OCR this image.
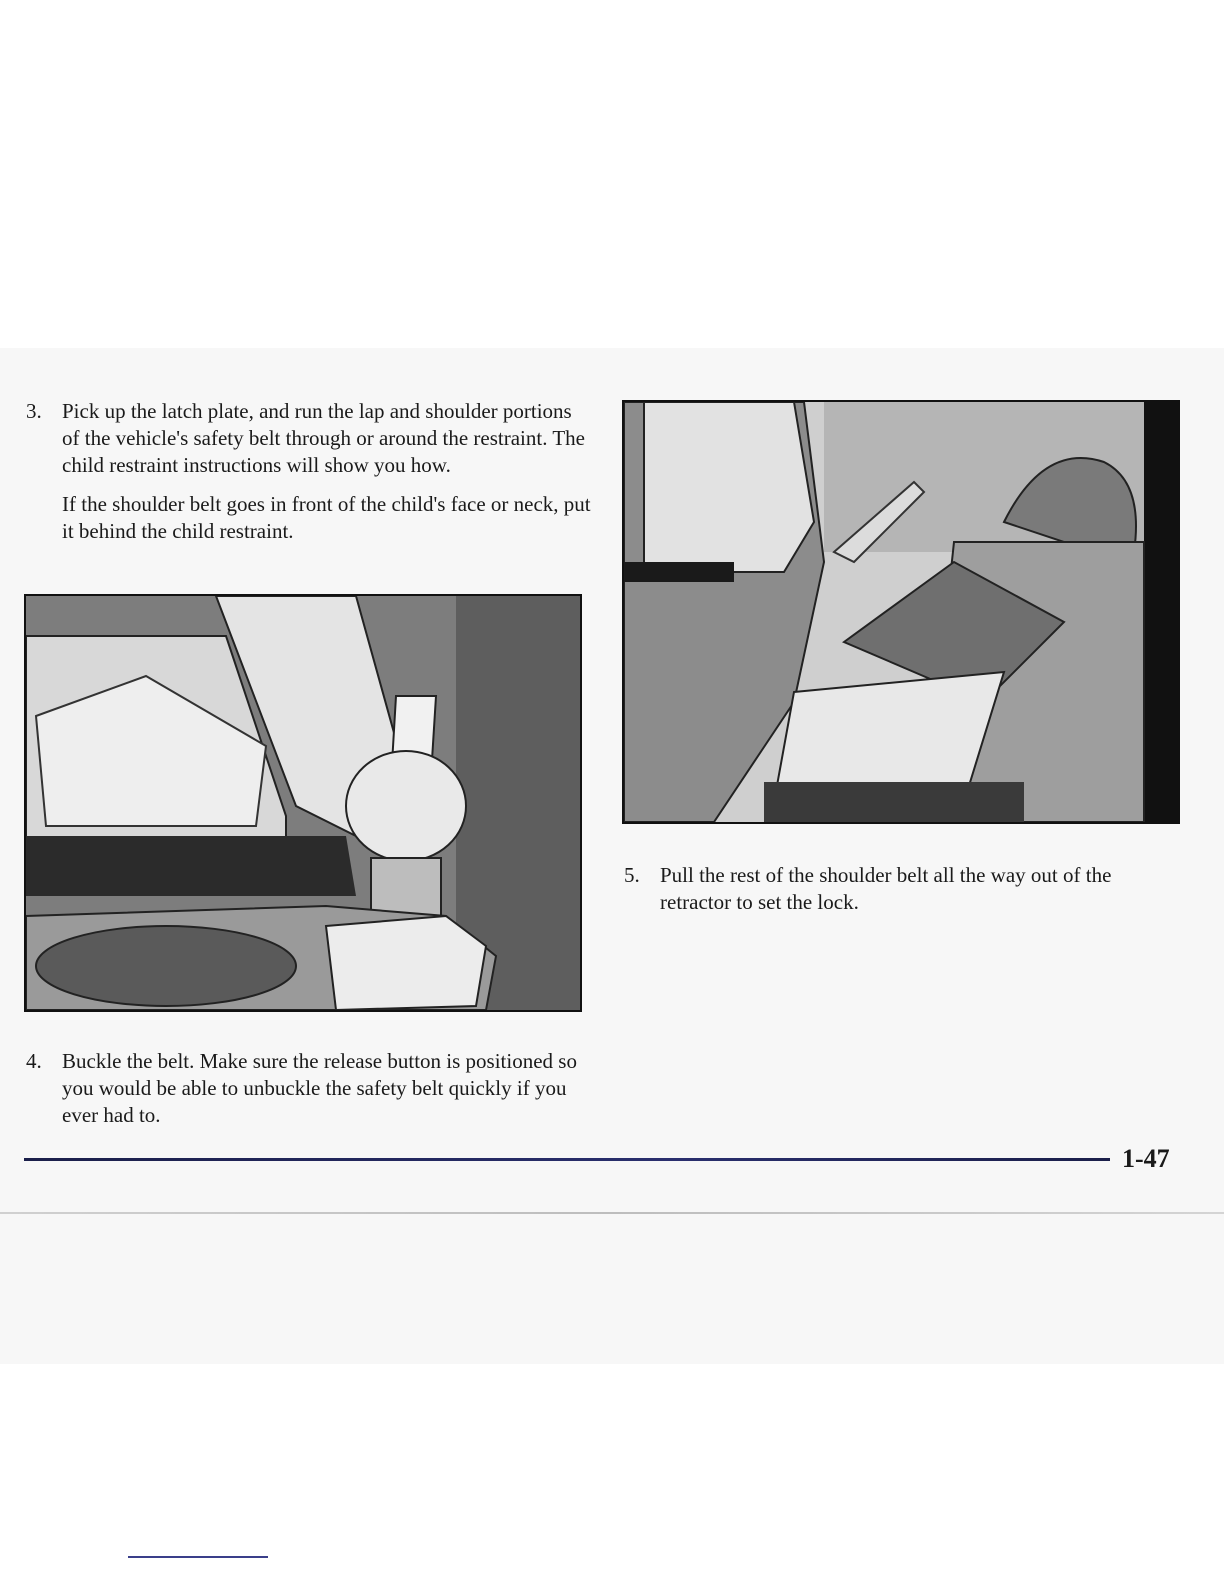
3. Pick up the latch plate, and run the lap and shoulder portions of the vehicle's safety belt through or around the restraint. The child restraint instructions will show you how.

If the shoulder belt goes in front of the child's face or neck, put it behind the child restraint.

4. Buckle the belt. Make sure the release button is positioned so you would be able to unbuckle the safety belt quickly if you ever had to.

5. Pull the rest of the shoulder belt all the way out of the retractor to set the lock.

1-47
